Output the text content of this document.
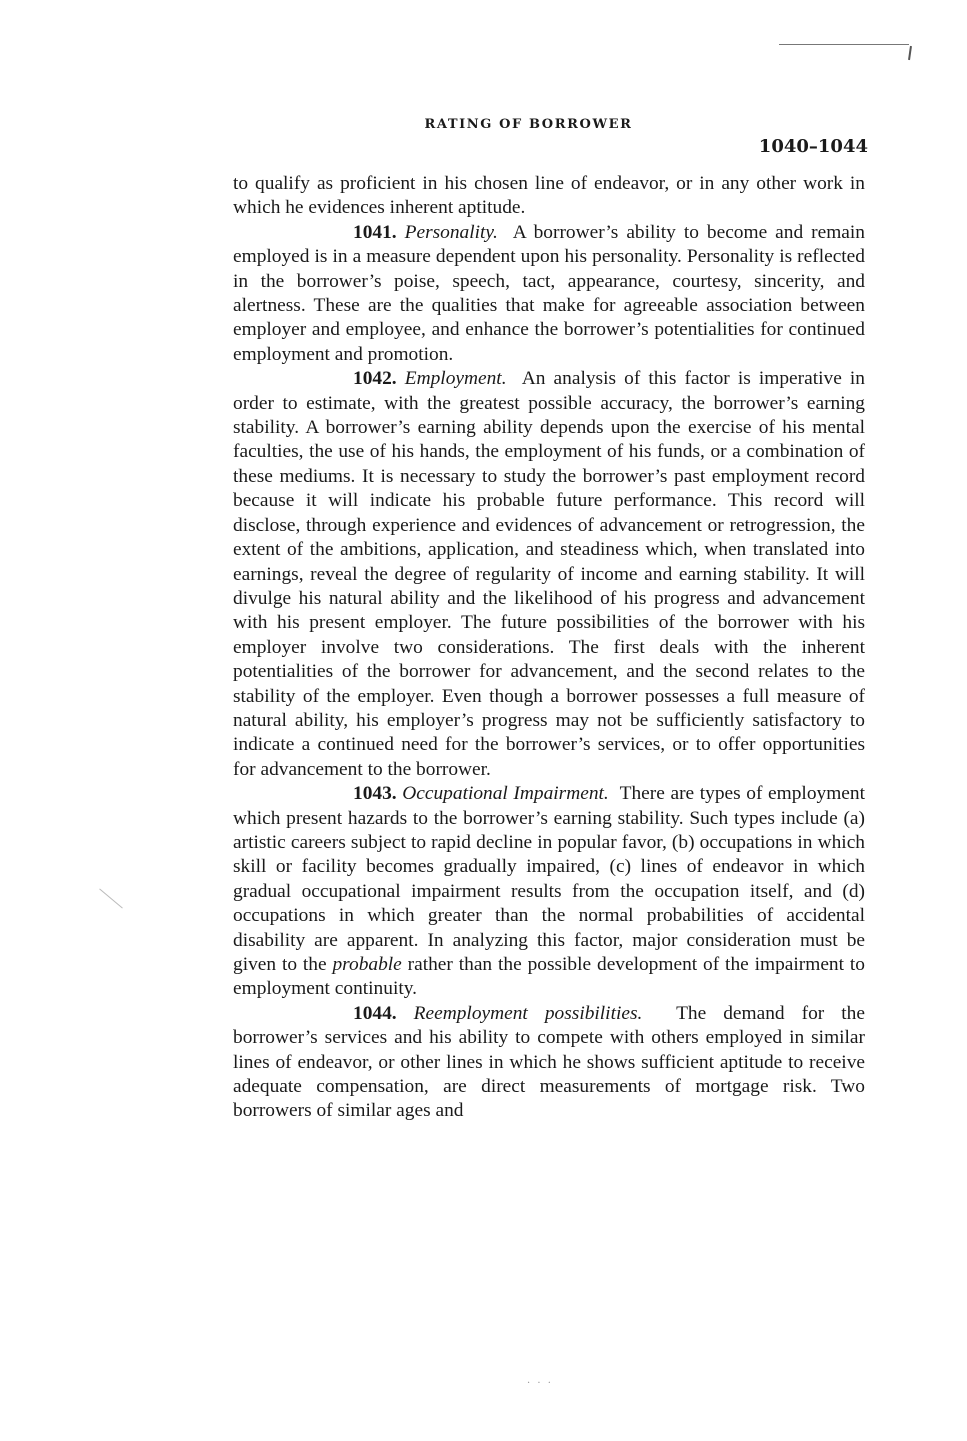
RATING OF BORROWER
1040–1044

to qualify as proficient in his chosen line of endeavor, or in any other work in which he evidences inherent aptitude.

1041. Personality. A borrower’s ability to become and remain employed is in a measure dependent upon his personality. Personality is reflected in the borrower’s poise, speech, tact, appearance, courtesy, sincerity, and alertness. These are the qualities that make for agreeable association between employer and employee, and enhance the borrower’s potentialities for continued employment and promotion.

1042. Employment. An analysis of this factor is imperative in order to estimate, with the greatest possible accuracy, the borrower’s earning stability. A borrower’s earning ability depends upon the exercise of his mental faculties, the use of his hands, the employment of his funds, or a combination of these mediums. It is necessary to study the borrower’s past employment record because it will indicate his probable future performance. This record will disclose, through experience and evidences of advancement or retrogression, the extent of the ambitions, application, and steadiness which, when translated into earnings, reveal the degree of regularity of income and earning stability. It will divulge his natural ability and the likelihood of his progress and advancement with his present employer. The future possibilities of the borrower with his employer involve two considerations. The first deals with the inherent potentialities of the borrower for advancement, and the second relates to the stability of the employer. Even though a borrower possesses a full measure of natural ability, his employer’s progress may not be sufficiently satisfactory to indicate a continued need for the borrower’s services, or to offer opportunities for advancement to the borrower.

1043. Occupational Impairment. There are types of employment which present hazards to the borrower’s earning stability. Such types include (a) artistic careers subject to rapid decline in popular favor, (b) occupations in which skill or facility becomes gradually impaired, (c) lines of endeavor in which gradual occupational impairment results from the occupation itself, and (d) occupations in which greater than the normal probabilities of accidental disability are apparent. In analyzing this factor, major consideration must be given to the probable rather than the possible development of the impairment to employment continuity.

1044. Reemployment possibilities. The demand for the borrower’s services and his ability to compete with others employed in similar lines of endeavor, or other lines in which he shows sufficient aptitude to receive adequate compensation, are direct measurements of mortgage risk. Two borrowers of similar ages and

· · ·
